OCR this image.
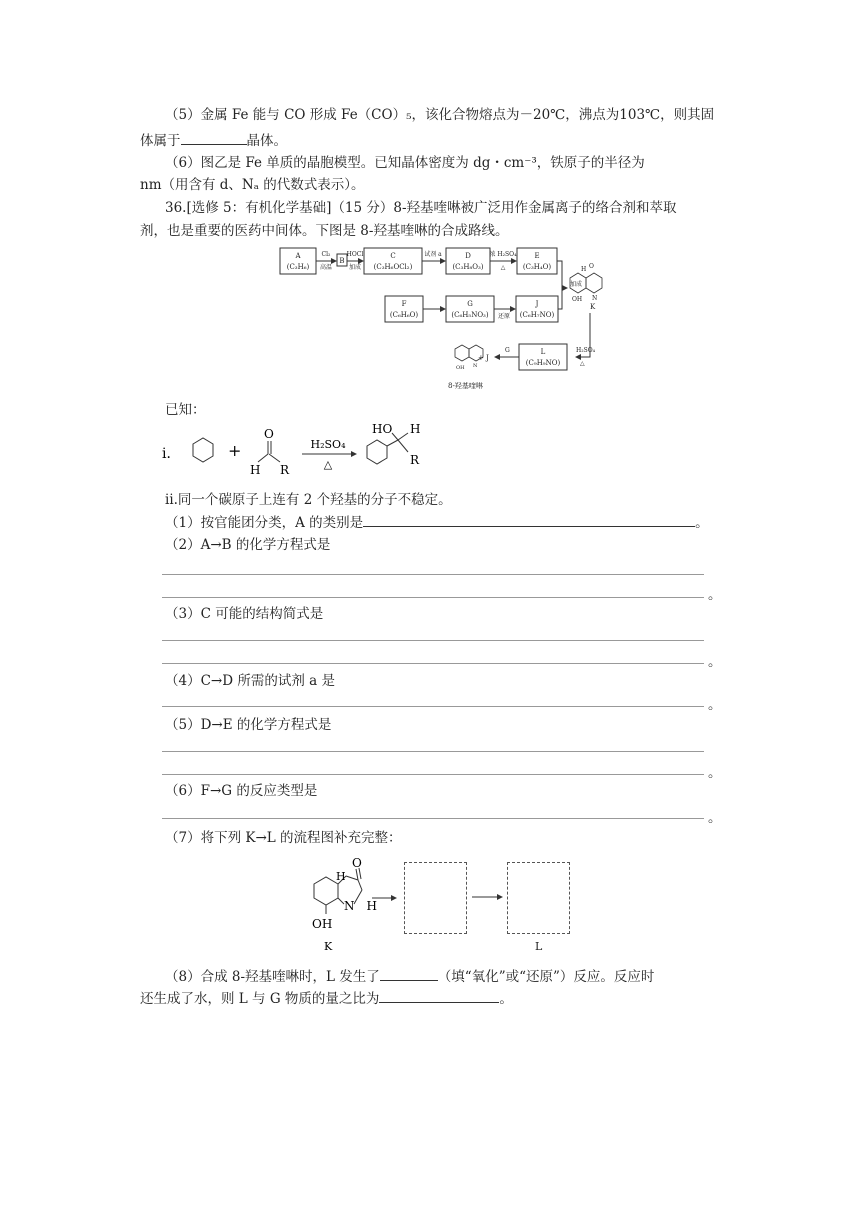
（5）金属 Fe 能与 CO 形成 Fe（CO）₅，该化合物熔点为－20℃，沸点为103℃，则其固
体属于	晶体。
（6）图乙是 Fe 单质的晶胞模型。已知晶体密度为 dg・cm⁻³，铁原子的半径为
nm（用含有 d、Nₐ 的代数式表示）。
36.[选修 5：有机化学基础]（15 分）8-羟基喹啉被广泛用作金属离子的络合剂和萃取
剂，也是重要的医药中间体。下图是 8-羟基喹啉的合成路线。
A
(C₃H₆)
Cl₂
高温
B
HOCl
加成
C
(C₃H₆OCl₂)
试剂 a	D
(C₃H₈O₃)
浓 H₂SO₄
△
E
(C₃H₄O)
F
(C₆H₆O)
G
(C₆H₅NO₃) 还原
J
(C₆H₇NO)
加成
O
H
N
OH
K
H₂SO₄
△
L
(C₉H₉NO)
G
+ J
N
OH
8-羟基喹啉
已知：
ⅰ．	+
O
H R
H₂SO₄
△
HO H
R
ⅱ.同一个碳原子上连有 2 个羟基的分子不稳定。
（1）按官能团分类，A 的类别是	。
（2）A→B 的化学方程式是
。
（3）C 可能的结构简式是
。
（4）C→D 所需的试剂 a 是
。
（5）D→E 的化学方程式是
。
（6）F→G 的反应类型是
。
（7）将下列 K→L 的流程图补充完整：
O
H
N　H
OH
K	L
（8）合成 8-羟基喹啉时，L 发生了	（填“氧化”或“还原”）反应。反应时
还生成了水，则 L 与 G 物质的量之比为	。
